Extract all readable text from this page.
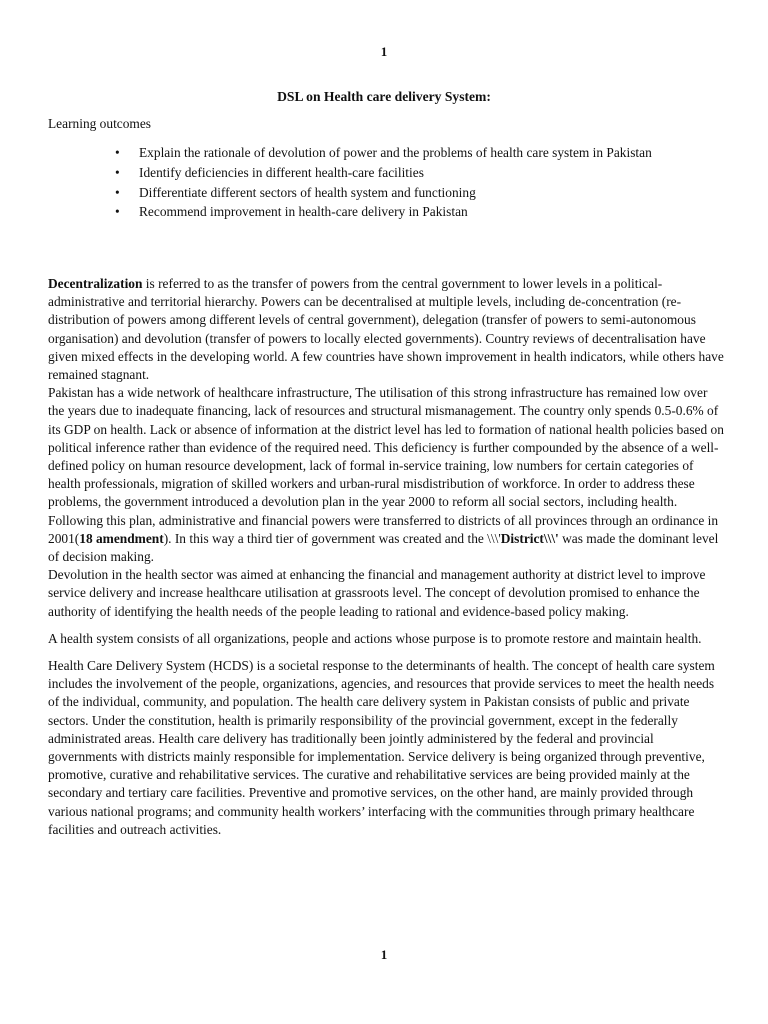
1
DSL on Health care delivery System:
Learning outcomes
• Explain the rationale of devolution of power and the problems of health care system in Pakistan
• Identify deficiencies in different health-care facilities
• Differentiate different sectors of health system and functioning
• Recommend improvement in health-care delivery in Pakistan

Decentralization is referred to as the transfer of powers from the central government to lower levels in a political-administrative and territorial hierarchy. Powers can be decentralised at multiple levels, including de-concentration (re-distribution of powers among different levels of central government), delegation (transfer of powers to semi-autonomous organisation) and devolution (transfer of powers to locally elected governments). Country reviews of decentralisation have given mixed effects in the developing world. A few countries have shown improvement in health indicators, while others have remained stagnant.

Pakistan has a wide network of healthcare infrastructure, The utilisation of this strong infrastructure has remained low over the years due to inadequate financing, lack of resources and structural mismanagement. The country only spends 0.5-0.6% of its GDP on health. Lack or absence of information at the district level has led to formation of national health policies based on political inference rather than evidence of the required need. This deficiency is further compounded by the absence of a well-defined policy on human resource development, lack of formal in-service training, low numbers for certain categories of health professionals, migration of skilled workers and urban-rural misdistribution of workforce. In order to address these problems, the government introduced a devolution plan in the year 2000 to reform all social sectors, including health. Following this plan, administrative and financial powers were transferred to districts of all provinces through an ordinance in 2001(18 amendment). In this way a third tier of government was created and the \\\'District\\\' was made the dominant level of decision making.

Devolution in the health sector was aimed at enhancing the financial and management authority at district level to improve service delivery and increase healthcare utilisation at grassroots level. The concept of devolution promised to enhance the authority of identifying the health needs of the people leading to rational and evidence-based policy making.

A health system consists of all organizations, people and actions whose purpose is to promote restore and maintain health.

Health Care Delivery System (HCDS) is a societal response to the determinants of health. The concept of health care system includes the involvement of the people, organizations, agencies, and resources that provide services to meet the health needs of the individual, community, and population. The health care delivery system in Pakistan consists of public and private sectors. Under the constitution, health is primarily responsibility of the provincial government, except in the federally administrated areas. Health care delivery has traditionally been jointly administered by the federal and provincial governments with districts mainly responsible for implementation. Service delivery is being organized through preventive, promotive, curative and rehabilitative services. The curative and rehabilitative services are being provided mainly at the secondary and tertiary care facilities. Preventive and promotive services, on the other hand, are mainly provided through various national programs; and community health workers’ interfacing with the communities through primary healthcare facilities and outreach activities.

1
